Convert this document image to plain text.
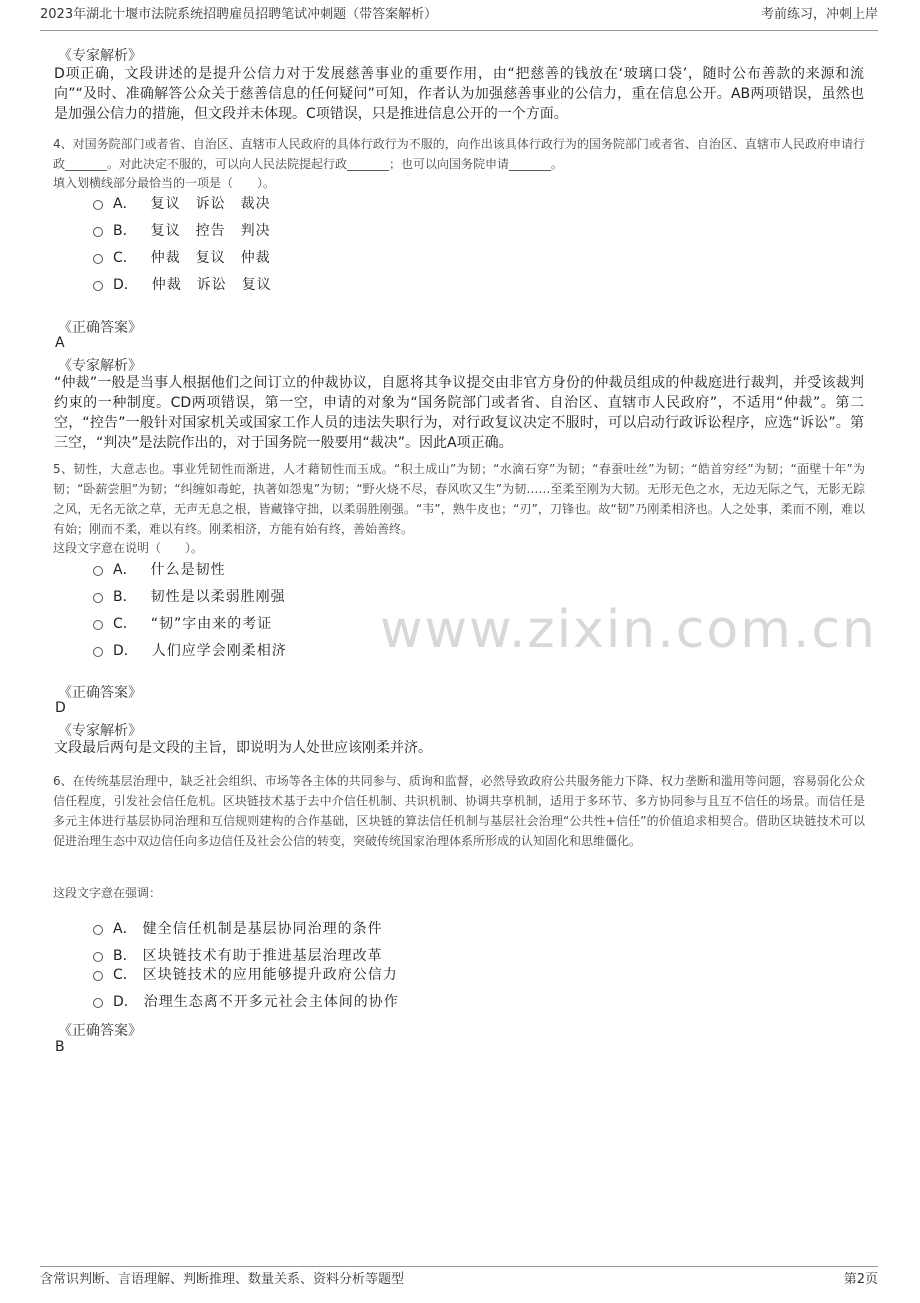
2023年湖北十堰市法院系统招聘雇员招聘笔试冲刺题（带答案解析）	考前练习，冲刺上岸
www.zixin.com.cn
《专家解析》
D项正确，文段讲述的是提升公信力对于发展慈善事业的重要作用，由“把慈善的钱放在‘玻璃口袋’，随时公布善款的来源和流向”“及时、准确解答公众关于慈善信息的任何疑问”可知，作者认为加强慈善事业的公信力，重在信息公开。AB两项错误，虽然也是加强公信力的措施，但文段并未体现。C项错误，只是推进信息公开的一个方面。
4、对国务院部门或者省、自治区、直辖市人民政府的具体行政行为不服的，向作出该具体行政行为的国务院部门或者省、自治区、直辖市人民政府申请行政_______。对此决定不服的，可以向人民法院提起行政_______；也可以向国务院申请_______。
填入划横线部分最恰当的一项是（　　）。
A． 复议　诉讼　裁决
B． 复议　控告　判决
C． 仲裁　复议　仲裁
D． 仲裁　诉讼　复议
《正确答案》
A
《专家解析》
“仲裁”一般是当事人根据他们之间订立的仲裁协议，自愿将其争议提交由非官方身份的仲裁员组成的仲裁庭进行裁判，并受该裁判约束的一种制度。CD两项错误，第一空，申请的对象为“国务院部门或者省、自治区、直辖市人民政府”，不适用“仲裁”。第二空，“控告”一般针对国家机关或国家工作人员的违法失职行为，对行政复议决定不服时，可以启动行政诉讼程序，应选“诉讼”。第三空，“判决”是法院作出的，对于国务院一般要用“裁决”。因此A项正确。
5、韧性，大意志也。事业凭韧性而渐进，人才藉韧性而玉成。“积土成山”为韧；“水滴石穿”为韧；“春蚕吐丝”为韧；“皓首穷经”为韧；“面壁十年”为韧；“卧薪尝胆”为韧；“纠缠如毒蛇，执著如怨鬼”为韧；“野火烧不尽，春风吹又生”为韧……至柔至刚为大韧。无形无色之水，无边无际之气，无影无踪之风，无名无欲之草，无声无息之根，皆藏锋守拙，以柔弱胜刚强。“韦”，熟牛皮也；“刃”，刀锋也。故“韧”乃刚柔相济也。人之处事，柔而不刚，难以有始；刚而不柔，难以有终。刚柔相济，方能有始有终，善始善终。
这段文字意在说明（　　）。
A． 什么是韧性
B． 韧性是以柔弱胜刚强
C． “韧”字由来的考证
D． 人们应学会刚柔相济
《正确答案》
D
《专家解析》
文段最后两句是文段的主旨，即说明为人处世应该刚柔并济。
6、在传统基层治理中，缺乏社会组织、市场等各主体的共同参与、质询和监督，必然导致政府公共服务能力下降、权力垄断和滥用等问题，容易弱化公众信任程度，引发社会信任危机。区块链技术基于去中介信任机制、共识机制、协调共享机制，适用于多环节、多方协同参与且互不信任的场景。而信任是多元主体进行基层协同治理和互信规则建构的合作基础，区块链的算法信任机制与基层社会治理“公共性+信任”的价值追求相契合。借助区块链技术可以促进治理生态中双边信任向多边信任及社会公信的转变，突破传统国家治理体系所形成的认知固化和思维僵化。
这段文字意在强调：
A． 健全信任机制是基层协同治理的条件
B． 区块链技术有助于推进基层治理改革
C． 区块链技术的应用能够提升政府公信力
D． 治理生态离不开多元社会主体间的协作
《正确答案》
B
含常识判断、言语理解、判断推理、数量关系、资料分析等题型	第2页
